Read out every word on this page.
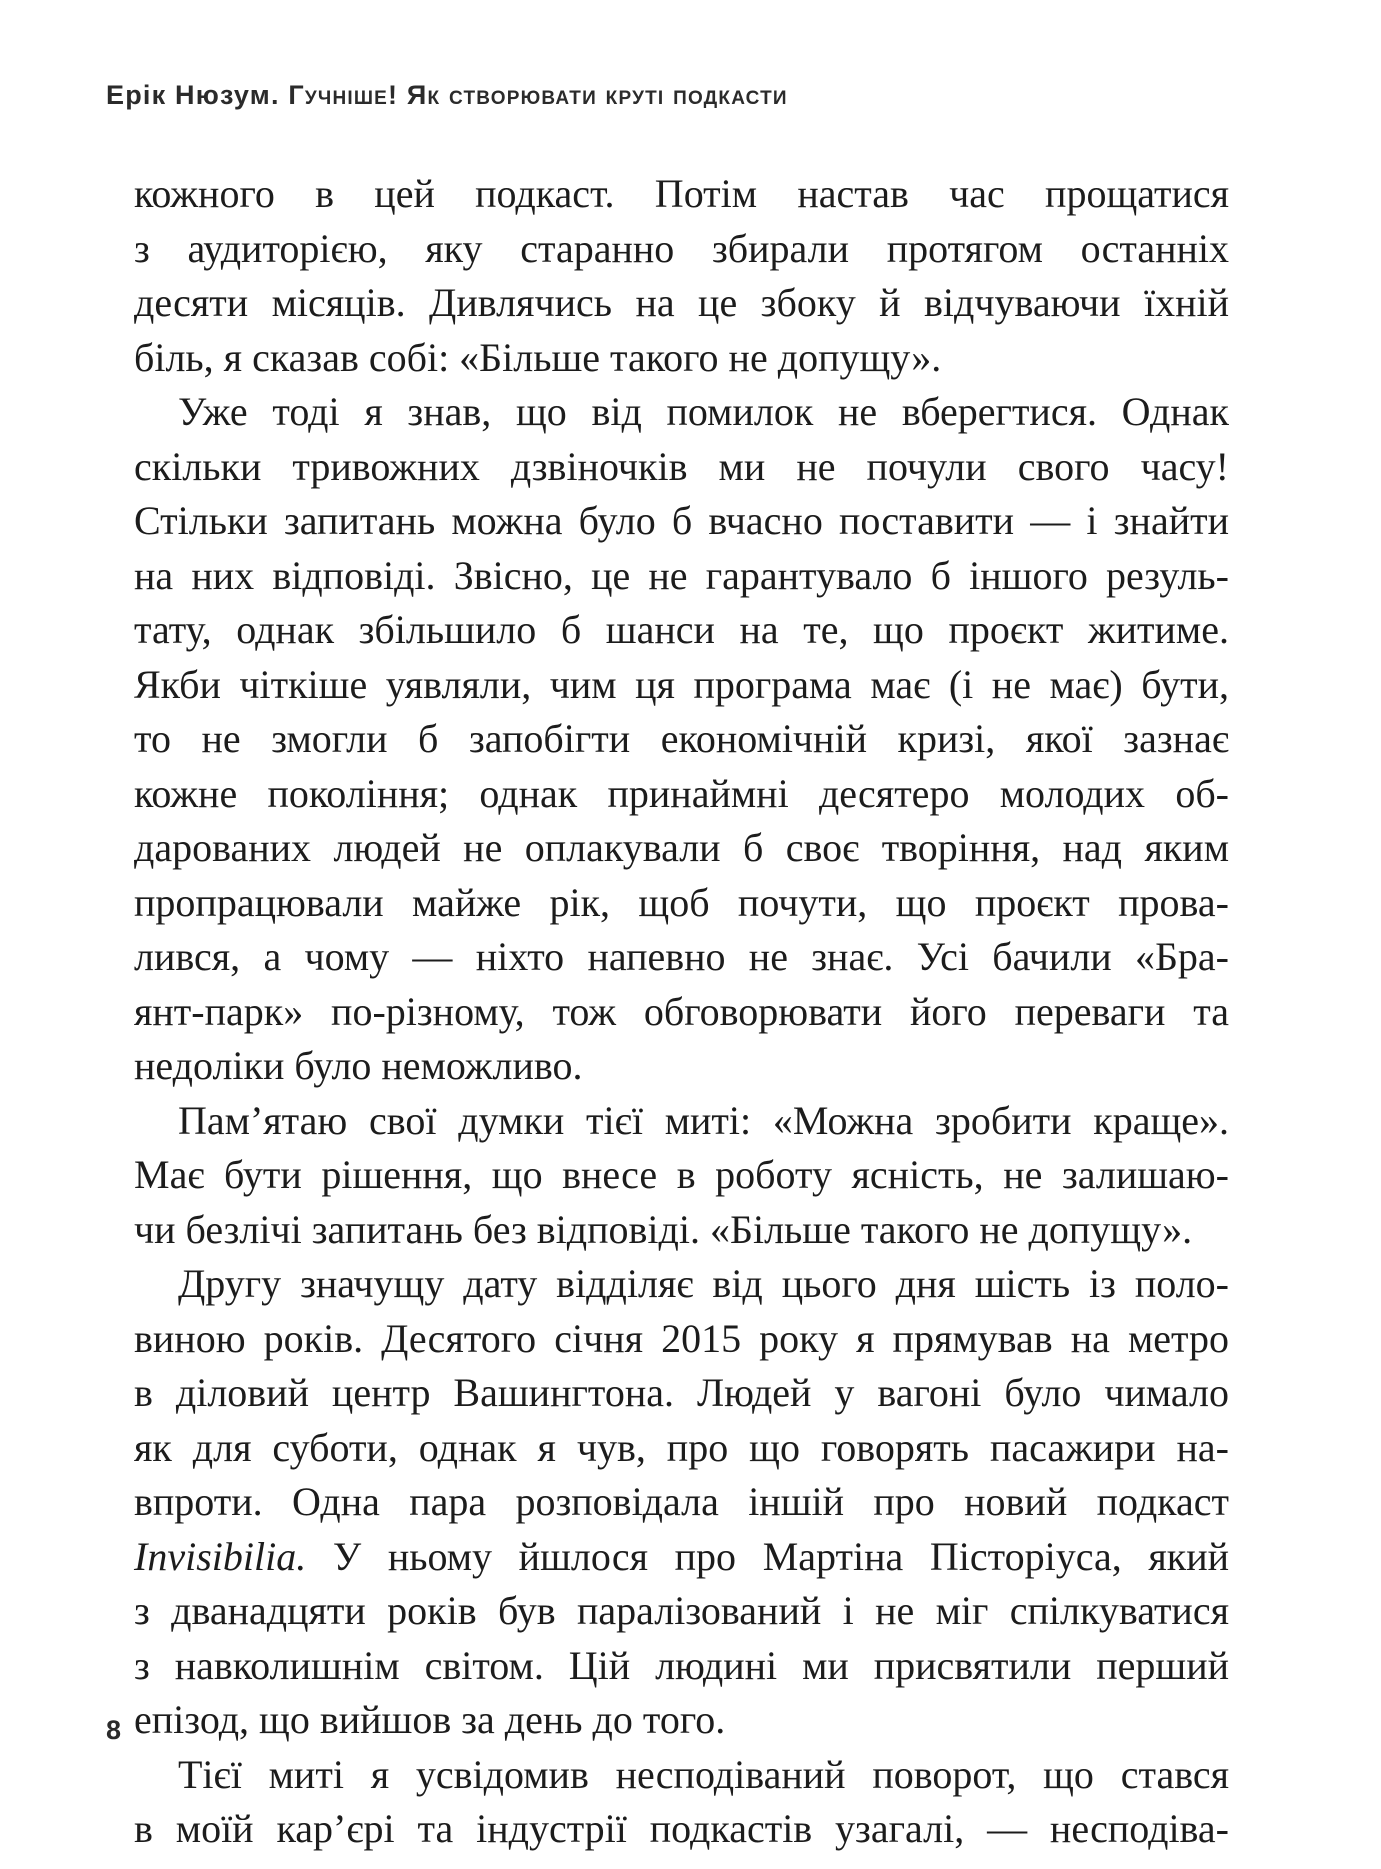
Ерік Нюзум. Гучніше! Як створювати круті подкасти
кожного в цей подкаст. Потім настав час прощатися
з аудиторією, яку старанно збирали протягом останніх
десяти місяців. Дивлячись на це збоку й відчуваючи їхній
біль, я сказав собі: «Більше такого не допущу».
Уже тоді я знав, що від помилок не вберегтися. Однак
скільки тривожних дзвіночків ми не почули свого часу!
Стільки запитань можна було б вчасно поставити — і знайти
на них відповіді. Звісно, це не гарантувало б іншого резуль-
тату, однак збільшило б шанси на те, що проєкт житиме.
Якби чіткіше уявляли, чим ця програма має (і не має) бути,
то не змогли б запобігти економічній кризі, якої зазнає
кожне покоління; однак принаймні десятеро молодих об-
дарованих людей не оплакували б своє творіння, над яким
пропрацювали майже рік, щоб почути, що проєкт прова-
лився, а чому — ніхто напевно не знає. Усі бачили «Бра-
янт-парк» по-різному, тож обговорювати його переваги та
недоліки було неможливо.
Пам’ятаю свої думки тієї миті: «Можна зробити краще».
Має бути рішення, що внесе в роботу ясність, не залишаю-
чи безлічі запитань без відповіді. «Більше такого не допущу».
Другу значущу дату відділяє від цього дня шість із поло-
виною років. Десятого січня 2015 року я прямував на метро
в діловий центр Вашингтона. Людей у вагоні було чимало
як для суботи, однак я чув, про що говорять пасажири на-
впроти. Одна пара розповідала іншій про новий подкаст
Invisibilia. У ньому йшлося про Мартіна Пісторіуса, який
з дванадцяти років був паралізований і не міг спілкуватися
з навколишнім світом. Цій людині ми присвятили перший
епізод, що вийшов за день до того.
Тієї миті я усвідомив несподіваний поворот, що стався
в моїй кар’єрі та індустрії подкастів узагалі, — несподіва-
8
